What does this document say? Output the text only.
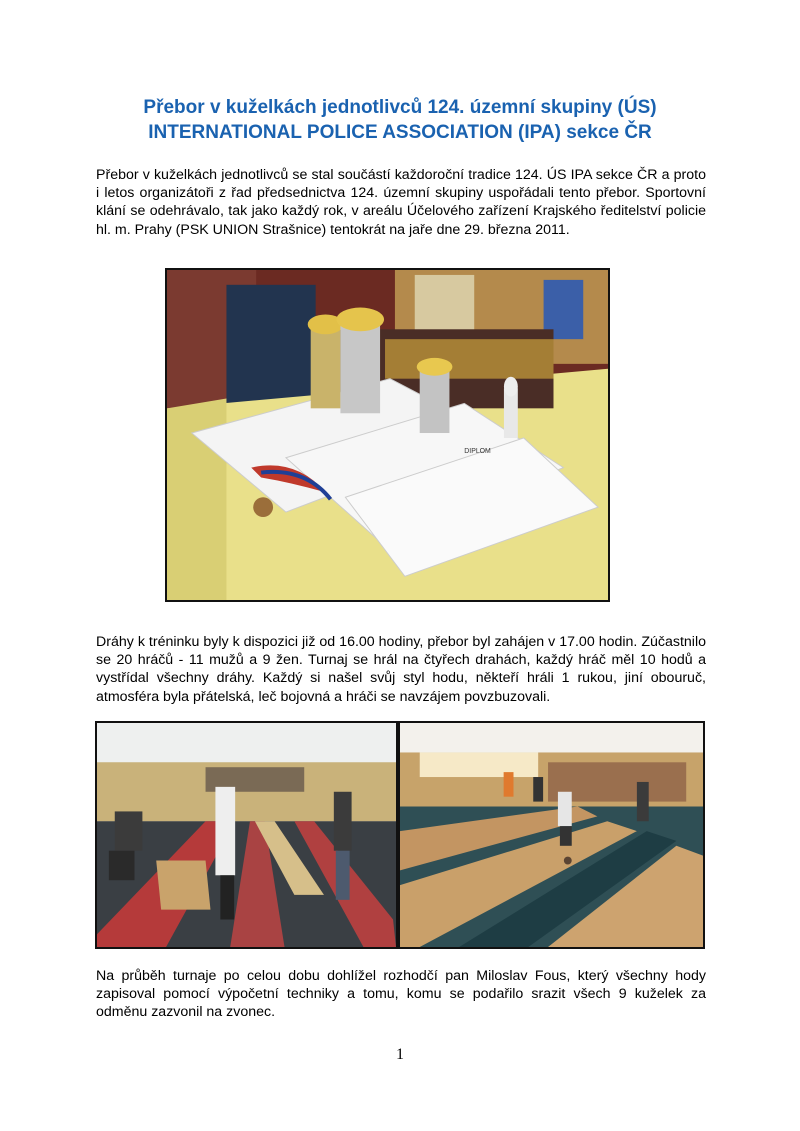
Přebor v kuželkách jednotlivců 124. územní skupiny (ÚS)
INTERNATIONAL POLICE ASSOCIATION (IPA) sekce ČR
Přebor v kuželkách jednotlivců se stal součástí každoroční tradice 124. ÚS IPA sekce ČR a proto i letos organizátoři z řad předsednictva 124. územní skupiny uspořádali tento přebor. Sportovní klání se odehrávalo, tak jako každý rok, v areálu Účelového zařízení Krajského ředitelství policie hl. m. Prahy (PSK UNION Strašnice) tentokrát na jaře dne 29. března 2011.
DIPLOM
Dráhy k tréninku byly k dispozici již od 16.00 hodiny, přebor byl zahájen v 17.00 hodin. Zúčastnilo se 20 hráčů - 11 mužů a 9 žen. Turnaj se hrál na čtyřech drahách, každý hráč měl 10 hodů a vystřídal všechny dráhy. Každý si našel svůj styl hodu, někteří hráli 1 rukou, jiní obouruč, atmosféra byla přátelská, leč bojovná a hráči se navzájem povzbuzovali.
Na průběh turnaje po celou dobu dohlížel rozhodčí pan Miloslav Fous, který všechny hody zapisoval pomocí výpočetní techniky a tomu, komu se podařilo srazit všech 9 kuželek za odměnu zazvonil na zvonec.
1
